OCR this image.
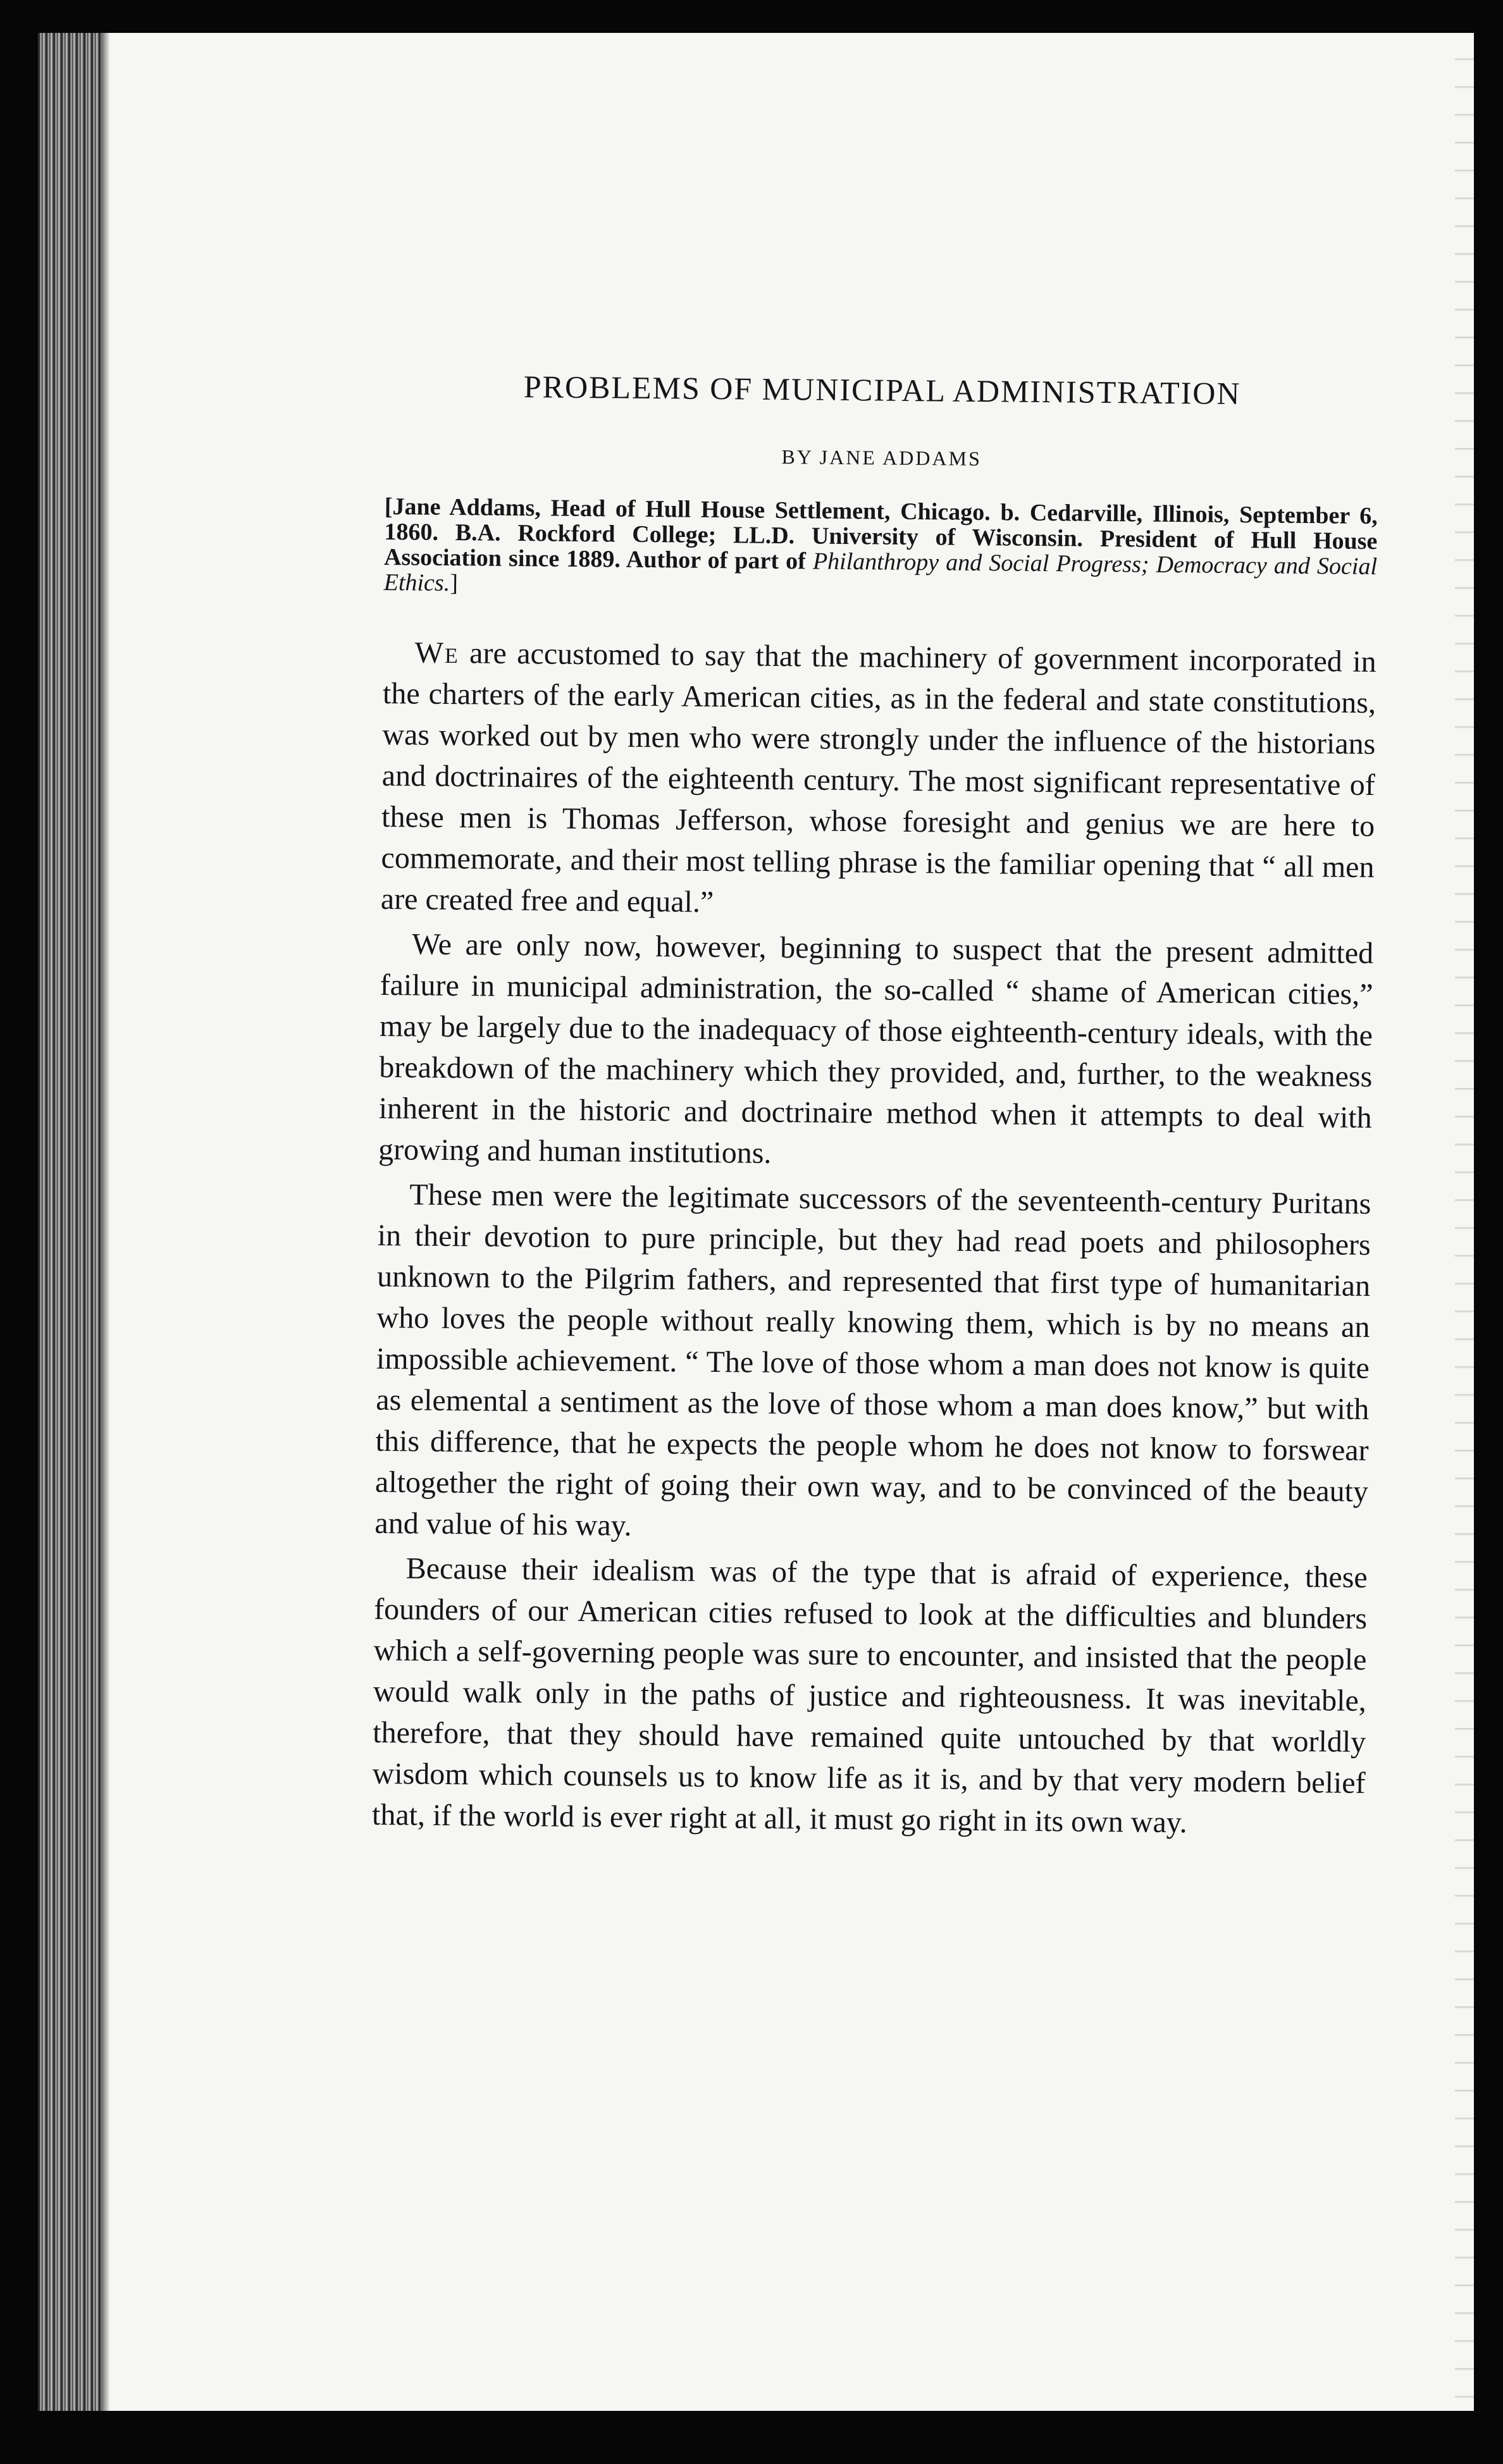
PROBLEMS OF MUNICIPAL ADMINISTRATION
BY JANE ADDAMS
[Jane Addams, Head of Hull House Settlement, Chicago. b. Cedarville, Illinois, September 6, 1860. B.A. Rockford College; LL.D. University of Wisconsin. President of Hull House Association since 1889. Author of part of Philanthropy and Social Progress; Democracy and Social Ethics.]

We are accustomed to say that the machinery of government incorporated in the charters of the early American cities, as in the federal and state constitutions, was worked out by men who were strongly under the influence of the historians and doctrinaires of the eighteenth century. The most significant representative of these men is Thomas Jefferson, whose foresight and genius we are here to commemorate, and their most telling phrase is the familiar opening that “ all men are created free and equal.”

We are only now, however, beginning to suspect that the present admitted failure in municipal administration, the so-called “ shame of American cities,” may be largely due to the inadequacy of those eighteenth-century ideals, with the breakdown of the machinery which they provided, and, further, to the weakness inherent in the historic and doctrinaire method when it attempts to deal with growing and human institutions.

These men were the legitimate successors of the seventeenth-century Puritans in their devotion to pure principle, but they had read poets and philosophers unknown to the Pilgrim fathers, and represented that first type of humanitarian who loves the people without really knowing them, which is by no means an impossible achievement. “ The love of those whom a man does not know is quite as elemental a sentiment as the love of those whom a man does know,” but with this difference, that he expects the people whom he does not know to forswear altogether the right of going their own way, and to be convinced of the beauty and value of his way.

Because their idealism was of the type that is afraid of experience, these founders of our American cities refused to look at the difficulties and blunders which a self-governing people was sure to encounter, and insisted that the people would walk only in the paths of justice and righteousness. It was inevitable, therefore, that they should have remained quite untouched by that worldly wisdom which counsels us to know life as it is, and by that very modern belief that, if the world is ever right at all, it must go right in its own way.
